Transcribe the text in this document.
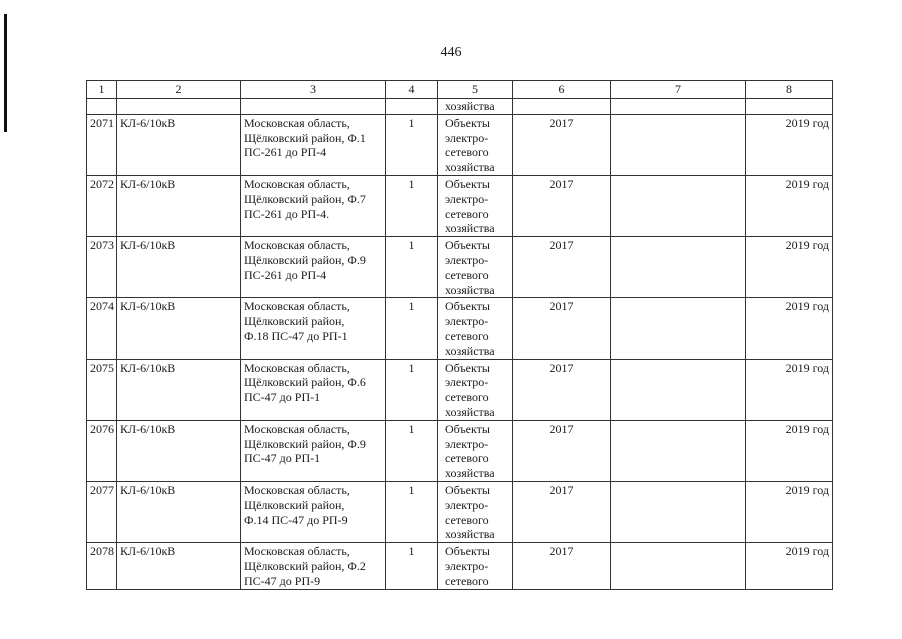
446
1	2	3	4	5	6	7	8

				хозяйства			

2071	КЛ-6/10кВ	Московская область,
Щёлковский район, Ф.1
ПС-261 до РП-4	1	Объекты
электро-
сетевого
хозяйства	2017		2019 год

2072	КЛ-6/10кВ	Московская область,
Щёлковский район, Ф.7
ПС-261 до РП-4.	1	Объекты
электро-
сетевого
хозяйства	2017		2019 год

2073	КЛ-6/10кВ	Московская область,
Щёлковский район, Ф.9
ПС-261 до РП-4	1	Объекты
электро-
сетевого
хозяйства	2017		2019 год

2074	КЛ-6/10кВ	Московская область,
Щёлковский район,
Ф.18 ПС-47 до РП-1	1	Объекты
электро-
сетевого
хозяйства	2017		2019 год

2075	КЛ-6/10кВ	Московская область,
Щёлковский район, Ф.6
ПС-47 до РП-1	1	Объекты
электро-
сетевого
хозяйства	2017		2019 год

2076	КЛ-6/10кВ	Московская область,
Щёлковский район, Ф.9
ПС-47 до РП-1	1	Объекты
электро-
сетевого
хозяйства	2017		2019 год

2077	КЛ-6/10кВ	Московская область,
Щёлковский район,
Ф.14 ПС-47 до РП-9	1	Объекты
электро-
сетевого
хозяйства	2017		2019 год

2078	КЛ-6/10кВ	Московская область,
Щёлковский район, Ф.2
ПС-47 до РП-9	1	Объекты
электро-
сетевого	2017		2019 год
